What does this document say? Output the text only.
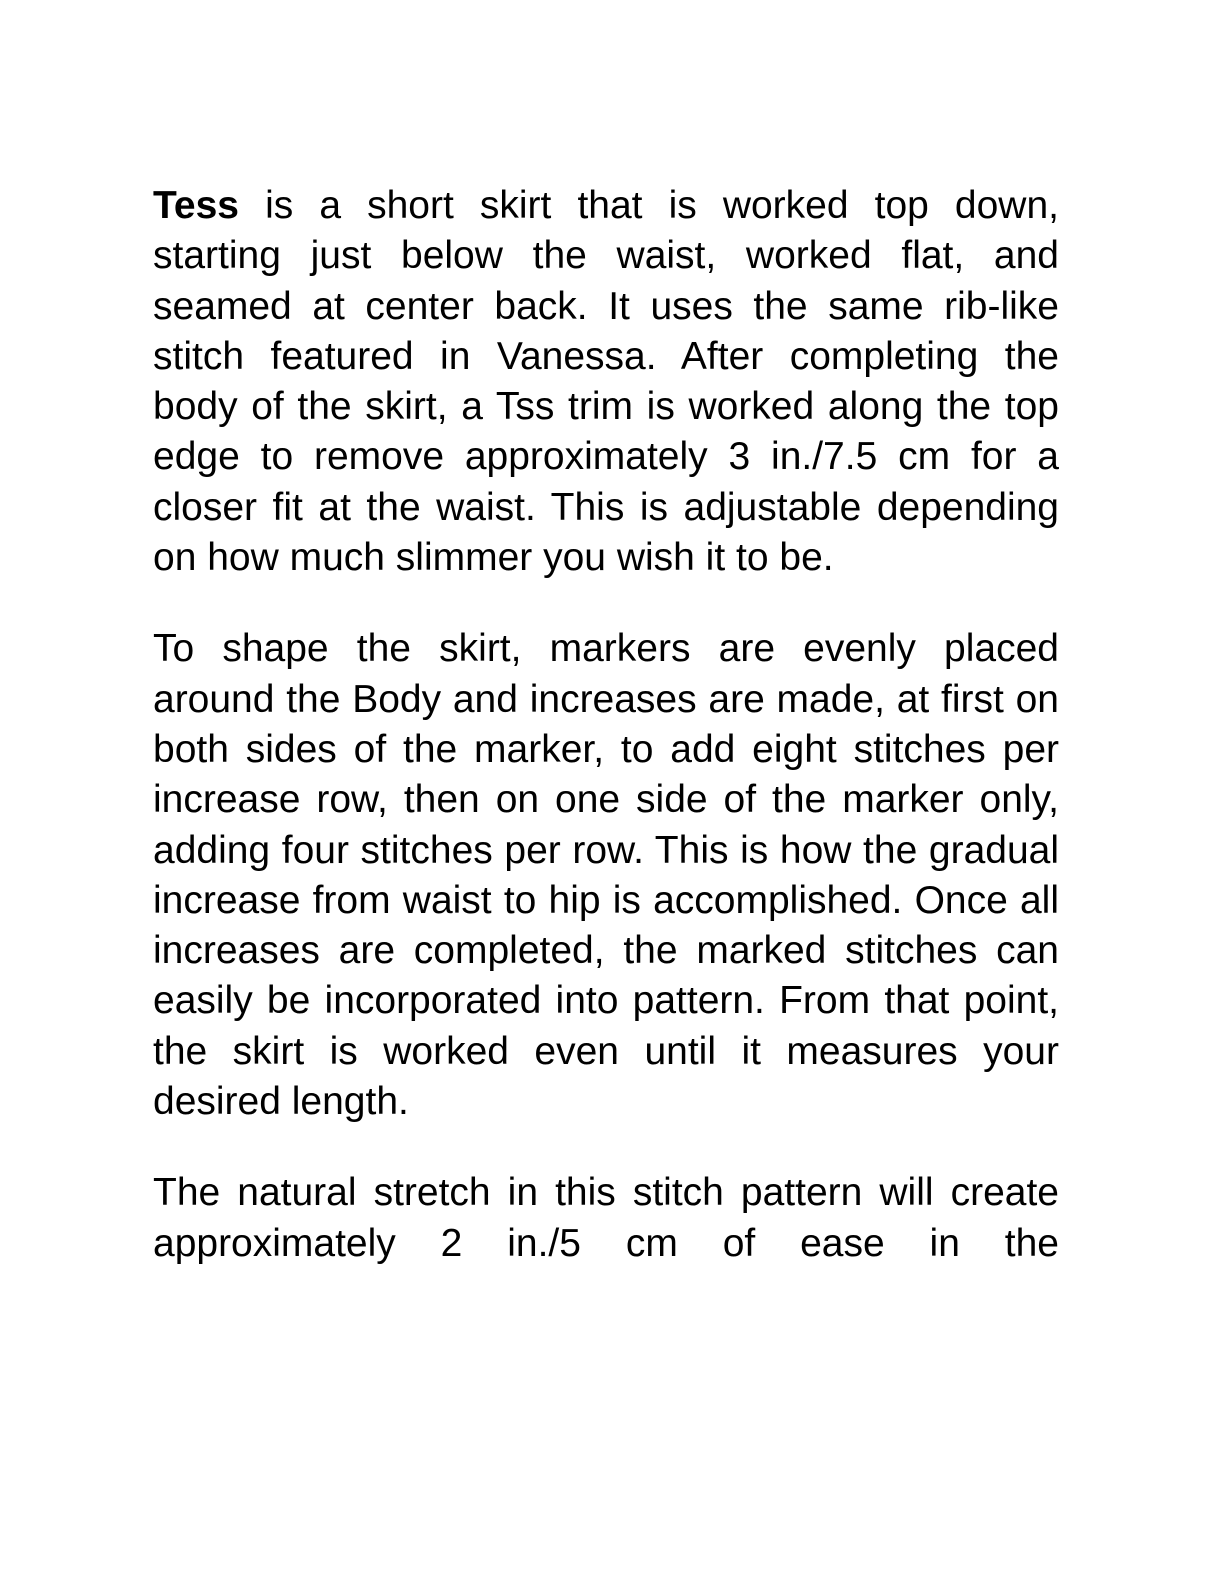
Tess is a short skirt that is worked top down, starting just below the waist, worked flat, and seamed at center back. It uses the same rib-like stitch featured in Vanessa. After completing the body of the skirt, a Tss trim is worked along the top edge to remove approximately 3 in./7.5 cm for a closer fit at the waist. This is adjustable depending on how much slimmer you wish it to be.

To shape the skirt, markers are evenly placed around the Body and increases are made, at first on both sides of the marker, to add eight stitches per increase row, then on one side of the marker only, adding four stitches per row. This is how the gradual increase from waist to hip is accomplished. Once all increases are completed, the marked stitches can easily be incorporated into pattern. From that point, the skirt is worked even until it measures your desired length.

The natural stretch in this stitch pattern will create approximately 2 in./5 cm of ease in the
